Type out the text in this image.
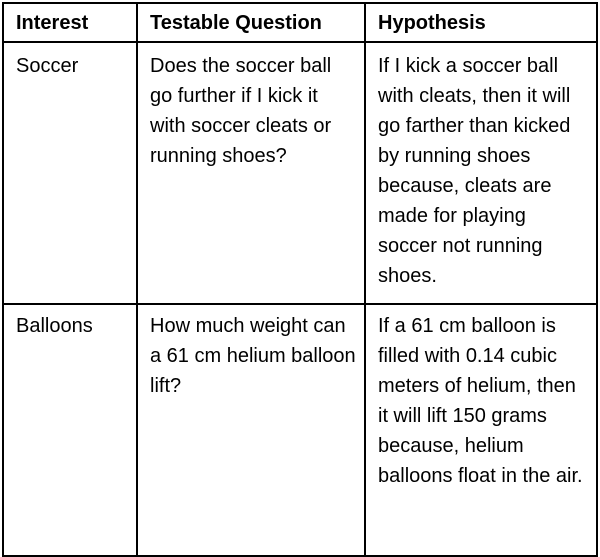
Interest	Testable Question	Hypothesis
Soccer	Does the soccer ball go further if I kick it with soccer cleats or running shoes?	If I kick a soccer ball with cleats, then it will go farther than kicked by running shoes because, cleats are made for playing soccer not running shoes.
Balloons	How much weight can a 61 cm helium balloon lift?	If a 61 cm balloon is filled with 0.14 cubic meters of helium, then it will lift 150 grams because, helium balloons float in the air.
